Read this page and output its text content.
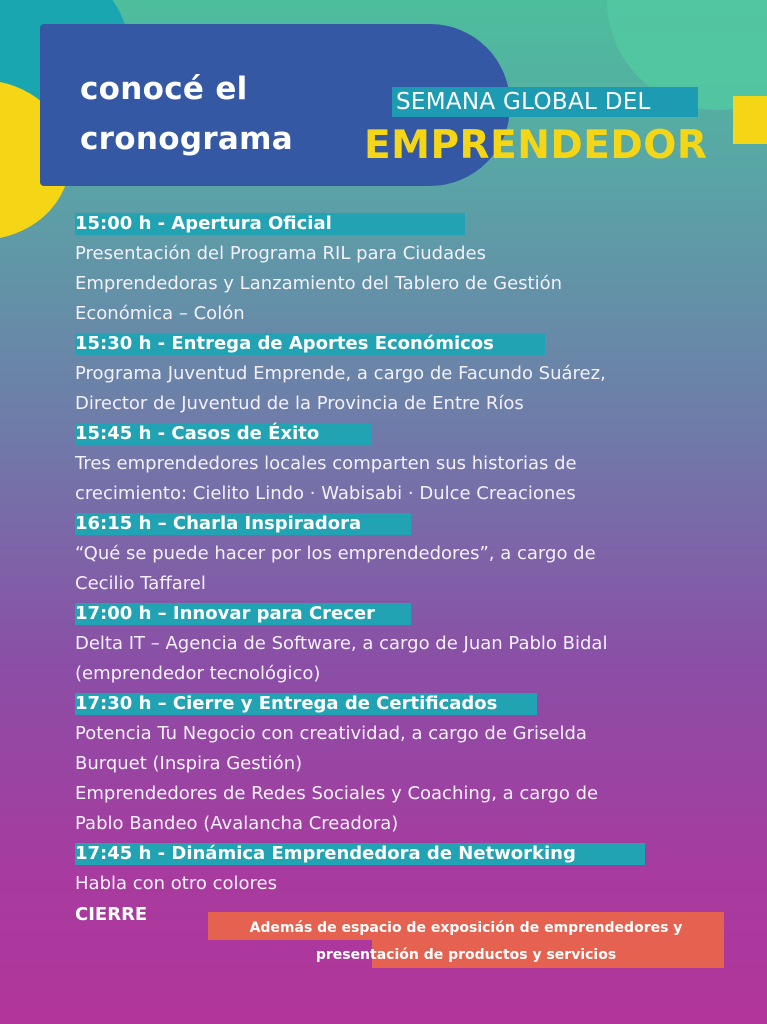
conocé el
cronograma
SEMANA GLOBAL DEL
EMPRENDEDOR
15:00 h - Apertura Oficial
Presentación del Programa RIL para Ciudades
Emprendedoras y Lanzamiento del Tablero de Gestión
Económica – Colón
15:30 h - Entrega de Aportes Económicos
Programa Juventud Emprende, a cargo de Facundo Suárez,
Director de Juventud de la Provincia de Entre Ríos
15:45 h - Casos de Éxito
Tres emprendedores locales comparten sus historias de
crecimiento: Cielito Lindo · Wabisabi · Dulce Creaciones
16:15 h – Charla Inspiradora
“Qué se puede hacer por los emprendedores”, a cargo de
Cecilio Taffarel
17:00 h – Innovar para Crecer
Delta IT – Agencia de Software, a cargo de Juan Pablo Bidal
(emprendedor tecnológico)
17:30 h – Cierre y Entrega de Certificados
Potencia Tu Negocio con creatividad, a cargo de Griselda
Burquet (Inspira Gestión)
Emprendedores de Redes Sociales y Coaching, a cargo de
Pablo Bandeo (Avalancha Creadora)
17:45 h - Dinámica Emprendedora de Networking
Habla con otro colores
CIERRE
Además de espacio de exposición de emprendedores y
presentación de productos y servicios
